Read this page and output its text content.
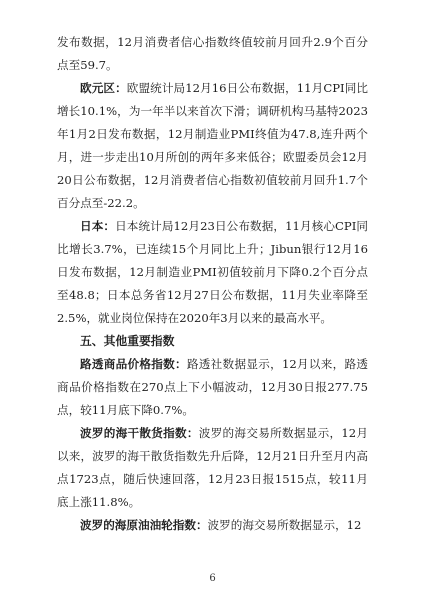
发布数据，12月消费者信心指数终值较前月回升2.9个百分点至59.7。

欧元区：欧盟统计局12月16日公布数据，11月CPI同比增长10.1%，为一年半以来首次下滑；调研机构马基特2023年1月2日发布数据，12月制造业PMI终值为47.8,连升两个月，进一步走出10月所创的两年多来低谷；欧盟委员会12月20日公布数据，12月消费者信心指数初值较前月回升1.7个百分点至-22.2。

日本：日本统计局12月23日公布数据，11月核心CPI同比增长3.7%，已连续15个月同比上升；Jibun银行12月16日发布数据，12月制造业PMI初值较前月下降0.2个百分点至48.8；日本总务省12月27日公布数据，11月失业率降至2.5%，就业岗位保持在2020年3月以来的最高水平。

五、其他重要指数

路透商品价格指数：路透社数据显示，12月以来，路透商品价格指数在270点上下小幅波动，12月30日报277.75点，较11月底下降0.7%。

波罗的海干散货指数：波罗的海交易所数据显示，12月以来，波罗的海干散货指数先升后降，12月21日升至月内高点1723点，随后快速回落，12月23日报1515点，较11月底上涨11.8%。

波罗的海原油油轮指数：波罗的海交易所数据显示，12

6
